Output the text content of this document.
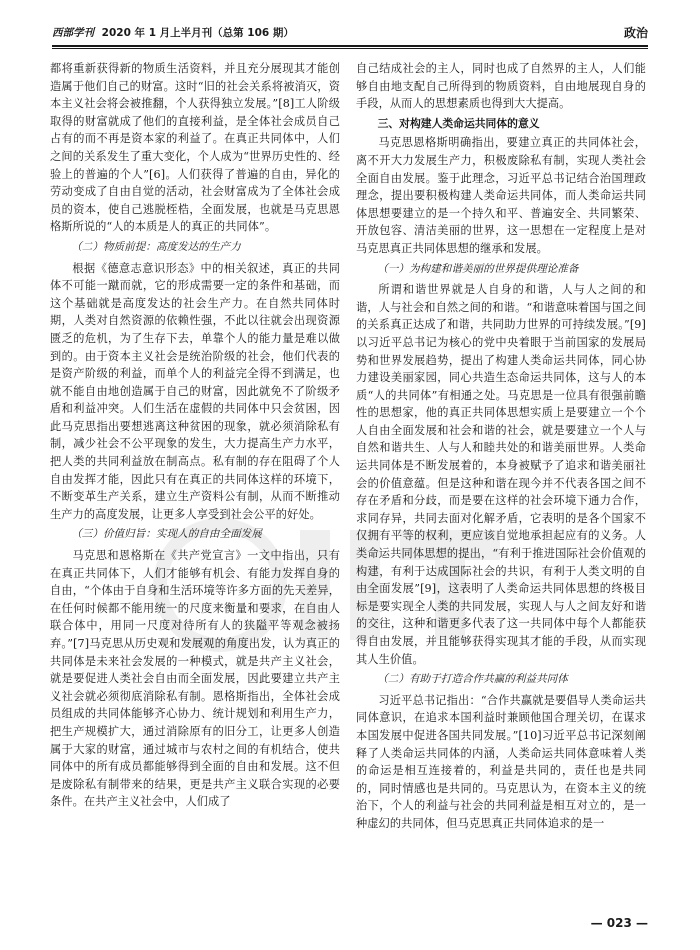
西部学刊 2020 年 1 月上半月刊（总第 106 期）	政治

都将重新获得新的物质生活资料，并且充分展现其才能创造属于他们自己的财富。这时“旧的社会关系将被消灭，资本主义社会将会被推翻，个人获得独立发展。”[8]工人阶级取得的财富就成了他们的直接利益，是全体社会成员自己占有的而不再是资本家的利益了。在真正共同体中，人们之间的关系发生了重大变化，个人成为“世界历史性的、经验上的普遍的个人”[6]。人们获得了普遍的自由，异化的劳动变成了自由自觉的活动，社会财富成为了全体社会成员的资本，使自己逃脱桎梏，全面发展，也就是马克思恩格斯所说的“人的本质是人的真正的共同体”。

（二）物质前提：高度发达的生产力

根据《德意志意识形态》中的相关叙述，真正的共同体不可能一蹴而就，它的形成需要一定的条件和基础，而这个基础就是高度发达的社会生产力。在自然共同体时期，人类对自然资源的依赖性强，不此以往就会出现资源匮乏的危机，为了生存下去，单靠个人的能力量是难以做到的。由于资本主义社会是统治阶级的社会，他们代表的是资产阶级的利益，而单个人的利益完全得不到满足，也就不能自由地创造属于自己的财富，因此就免不了阶级矛盾和利益冲突。人们生活在虚假的共同体中只会贫困，因此马克思指出要想逃离这种贫困的现象，就必须消除私有制，减少社会不公平现象的发生，大力提高生产力水平，把人类的共同利益放在制高点。私有制的存在阻碍了个人自由发挥才能，因此只有在真正的共同体这样的环境下，不断变革生产关系，建立生产资料公有制，从而不断推动生产力的高度发展，让更多人享受到社会公平的好处。

（三）价值归旨：实现人的自由全面发展

马克思和恩格斯在《共产党宣言》一文中指出，只有在真正共同体下，人们才能够有机会、有能力发挥自身的自由，“个体由于自身和生活环境等许多方面的先天差异，在任何时候都不能用统一的尺度来衡量和要求，在自由人联合体中，用同一尺度对待所有人的狭隘平等观念被扬弃。”[7]马克思从历史观和发展观的角度出发，认为真正的共同体是未来社会发展的一种模式，就是共产主义社会，就是要促进人类社会自由而全面发展，因此要建立共产主义社会就必须彻底消除私有制。恩格斯指出，全体社会成员组成的共同体能够齐心协力、统计规划和利用生产力，把生产规模扩大，通过消除原有的旧分工，让更多人创造属于大家的财富，通过城市与农村之间的有机结合，使共同体中的所有成员都能够得到全面的自由和发展。这不但是废除私有制带来的结果，更是共产主义联合实现的必要条件。在共产主义社会中，人们成了

自己结成社会的主人，同时也成了自然界的主人，人们能够自由地支配自己所得到的物质资料，自由地展现自身的手段，从而人的思想素质也得到大大提高。

三、对构建人类命运共同体的意义

马克思恩格斯明确指出，要建立真正的共同体社会，离不开大力发展生产力，积极废除私有制，实现人类社会全面自由发展。鉴于此理念，习近平总书记结合治国理政理念，提出要积极构建人类命运共同体，而人类命运共同体思想要建立的是一个持久和平、普遍安全、共同繁荣、开放包容、清洁美丽的世界，这一思想在一定程度上是对马克思真正共同体思想的继承和发展。

（一）为构建和谐美丽的世界提供理论准备

所谓和谐世界就是人自身的和谐，人与人之间的和谐，人与社会和自然之间的和谐。“和谐意味着国与国之间的关系真正达成了和谐，共同助力世界的可持续发展。”[9]以习近平总书记为核心的党中央着眼于当前国家的发展局势和世界发展趋势，提出了构建人类命运共同体，同心协力建设美丽家园，同心共造生态命运共同体，这与人的本质“人的共同体”有相通之处。马克思是一位具有很强前瞻性的思想家，他的真正共同体思想实质上是要建立一个个人自由全面发展和社会和谐的社会，就是要建立一个人与自然和谐共生、人与人和睦共处的和谐美丽世界。人类命运共同体是不断发展着的，本身被赋予了追求和谐美丽社会的价值意蕴。但是这种和谐在现今并不代表各国之间不存在矛盾和分歧，而是要在这样的社会环境下通力合作，求同存异，共同去面对化解矛盾，它表明的是各个国家不仅拥有平等的权利，更应该自觉地承担起应有的义务。人类命运共同体思想的提出，“有利于推进国际社会价值观的构建，有利于达成国际社会的共识，有利于人类文明的自由全面发展”[9]，这表明了人类命运共同体思想的终极目标是要实现全人类的共同发展，实现人与人之间友好和谐的交往，这种和谐更多代表了这一共同体中每个人都能获得自由发展，并且能够获得实现其才能的手段，从而实现其人生价值。

（二）有助于打造合作共赢的利益共同体

习近平总书记指出：“合作共赢就是要倡导人类命运共同体意识，在追求本国利益时兼顾他国合理关切，在谋求本国发展中促进各国共同发展。”[10]习近平总书记深刻阐释了人类命运共同体的内涵，人类命运共同体意味着人类的命运是相互连接着的，利益是共同的，责任也是共同的，同时情感也是共同的。马克思认为，在资本主义的统治下，个人的利益与社会的共同利益是相互对立的，是一种虚幻的共同体，但马克思真正共同体追求的是一

— 023 —
